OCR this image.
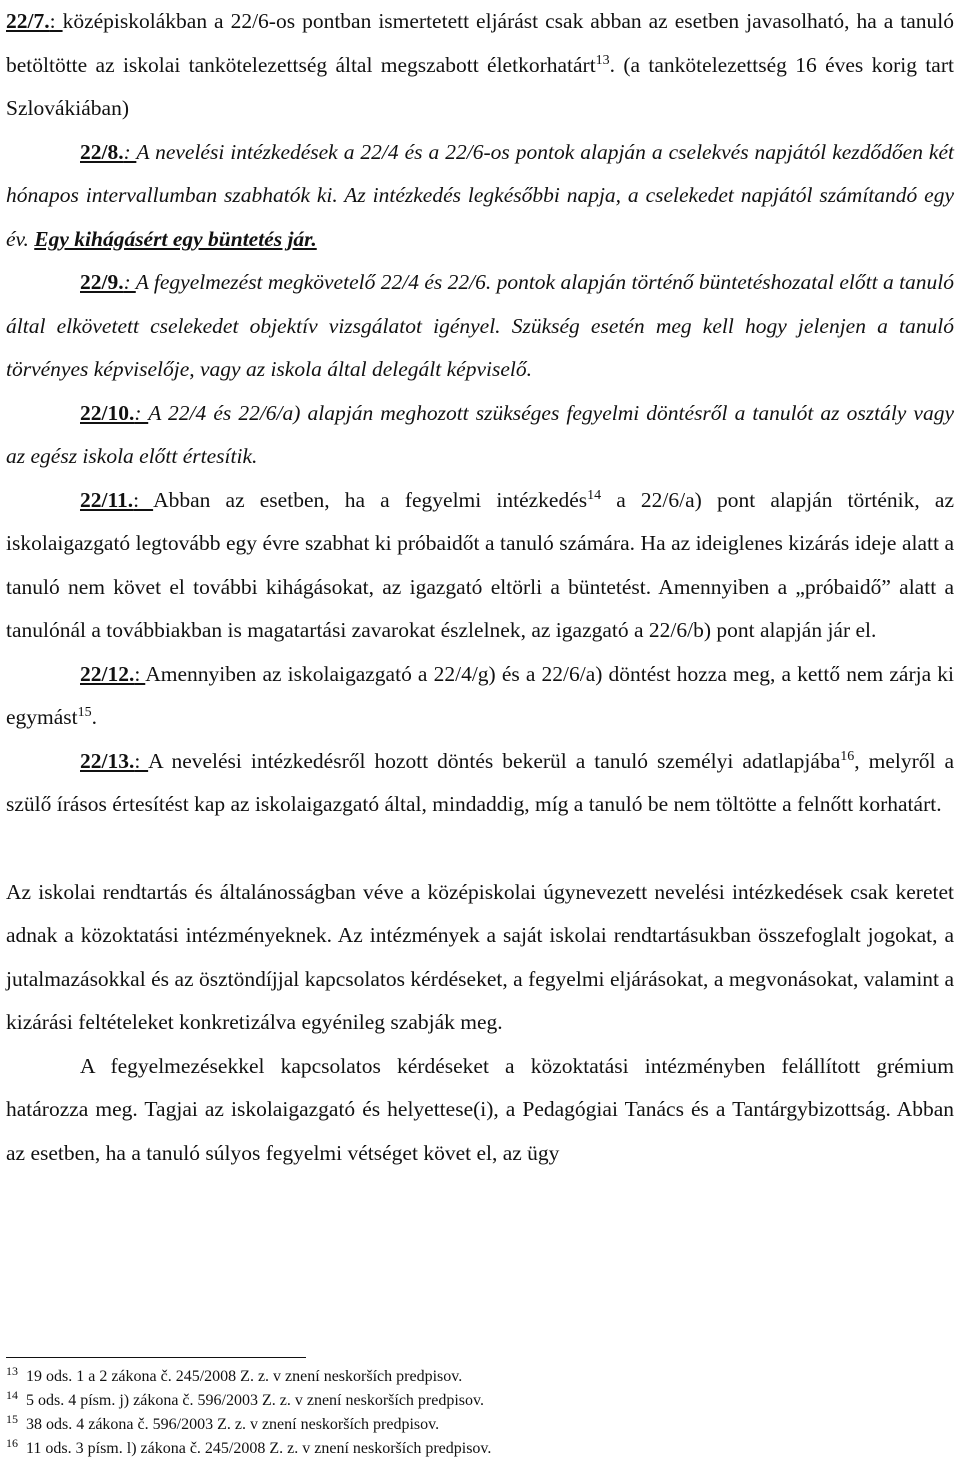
22/7.: középiskolákban a 22/6-os pontban ismertetett eljárást csak abban az esetben javasolható, ha a tanuló betöltötte az iskolai tankötelezettség által megszabott életkorhatárt$^{13}$. (a tankötelezettség 16 éves korig tart Szlovákiában)

22/8.: A nevelési intézkedések a 22/4 és a 22/6-os pontok alapján a cselekvés napjától kezdődően két hónapos intervallumban szabhatók ki. Az intézkedés legkésőbbi napja, a cselekedet napjától számítandó egy év. Egy kihágásért egy büntetés jár.

22/9.: A fegyelmezést megkövetelő 22/4 és 22/6. pontok alapján történő büntetéshozatal előtt a tanuló által elkövetett cselekedet objektív vizsgálatot igényel. Szükség esetén meg kell hogy jelenjen a tanuló törvényes képviselője, vagy az iskola által delegált képviselő.

22/10.: A 22/4 és 22/6/a) alapján meghozott szükséges fegyelmi döntésről a tanulót az osztály vagy az egész iskola előtt értesítik.

22/11.: Abban az esetben, ha a fegyelmi intézkedés$^{14}$ a 22/6/a) pont alapján történik, az iskolaigazgató legtovább egy évre szabhat ki próbaidőt a tanuló számára. Ha az ideiglenes kizárás ideje alatt a tanuló nem követ el további kihágásokat, az igazgató eltörli a büntetést. Amennyiben a „próbaidő” alatt a tanulónál a továbbiakban is magatartási zavarokat észlelnek, az igazgató a 22/6/b) pont alapján jár el.

22/12.: Amennyiben az iskolaigazgató a 22/4/g) és a 22/6/a) döntést hozza meg, a kettő nem zárja ki egymást$^{15}$.

22/13.: A nevelési intézkedésről hozott döntés bekerül a tanuló személyi adatlapjába$^{16}$, melyről a szülő írásos értesítést kap az iskolaigazgató által, mindaddig, míg a tanuló be nem töltötte a felnőtt korhatárt.

Az iskolai rendtartás és általánosságban véve a középiskolai úgynevezett nevelési intézkedések csak keretet adnak a közoktatási intézményeknek. Az intézmények a saját iskolai rendtartásukban összefoglalt jogokat, a jutalmazásokkal és az ösztöndíjjal kapcsolatos kérdéseket, a fegyelmi eljárásokat, a megvonásokat, valamint a kizárási feltételeket konkretizálva egyénileg szabják meg.

A fegyelmezésekkel kapcsolatos kérdéseket a közoktatási intézményben felállított grémium határozza meg. Tagjai az iskolaigazgató és helyettese(i), a Pedagógiai Tanács és a Tantárgybizottság. Abban az esetben, ha a tanuló súlyos fegyelmi vétséget követ el, az ügy

$^{13}$ 19 ods. 1 a 2 zákona č. 245/2008 Z. z. v znení neskorších predpisov.
$^{14}$ 5 ods. 4 písm. j) zákona č. 596/2003 Z. z. v znení neskorších predpisov.
$^{15}$ 38 ods. 4 zákona č. 596/2003 Z. z. v znení neskorších predpisov.
$^{16}$ 11 ods. 3 písm. l) zákona č. 245/2008 Z. z. v znení neskorších predpisov.
